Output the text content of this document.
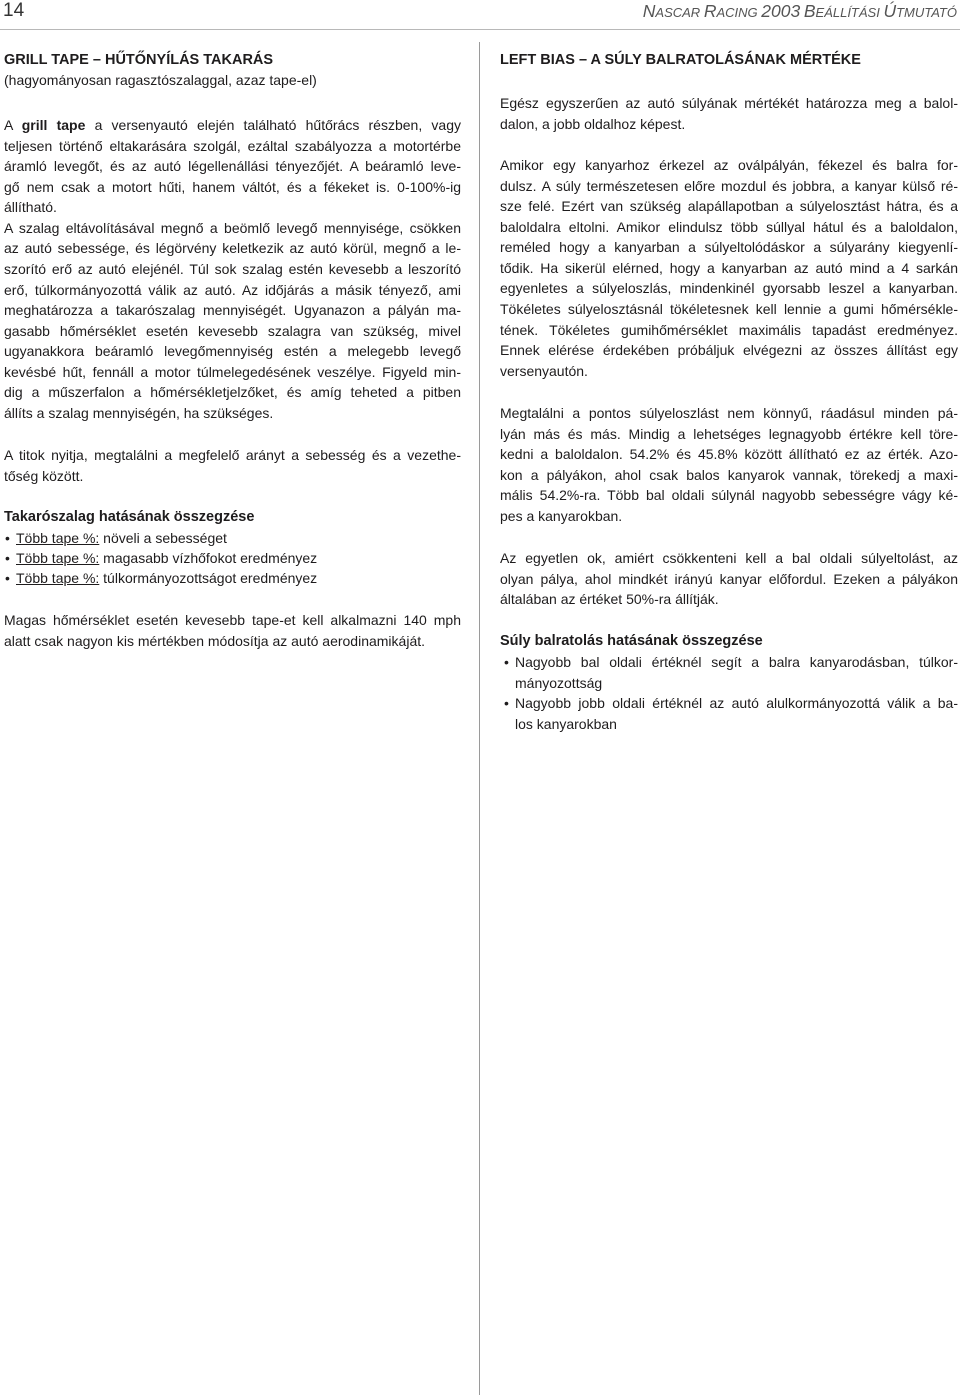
14	NASCAR RACING 2003 BEÁLLÍTÁSI ÚTMUTATÓ
GRILL TAPE – HŰTŐNYÍLÁS TAKARÁS
(hagyományosan ragasztószalaggal, azaz tape-el)
A grill tape a versenyautó elején található hűtőrács részben, vagy
teljesen történő eltakarására szolgál, ezáltal szabályozza a motortérbe
áramló levegőt, és az autó légellenállási tényezőjét. A beáramló leve-
gő nem csak a motort hűti, hanem váltót, és a fékeket is. 0-100%-ig
állítható.
A szalag eltávolításával megnő a beömlő levegő mennyisége, csökken
az autó sebessége, és légörvény keletkezik az autó körül, megnő a le-
szorító erő az autó elejénél. Túl sok szalag estén kevesebb a leszorító
erő, túlkormányozottá válik az autó. Az időjárás a másik tényező, ami
meghatározza a takarószalag mennyiségét. Ugyanazon a pályán ma-
gasabb hőmérséklet esetén kevesebb szalagra van szükség, mivel
ugyanakkora beáramló levegőmennyiség estén a melegebb levegő
kevésbé hűt, fennáll a motor túlmelegedésének veszélye. Figyeld min-
dig a műszerfalon a hőmérsékletjelzőket, és amíg teheted a pitben
állíts a szalag mennyiségén, ha szükséges.
A titok nyitja, megtalálni a megfelelő arányt a sebesség és a vezethe-
tőség között.
Takarószalag hatásának összegzése
•
Több tape %: növeli a sebességet
•
Több tape %: magasabb vízhőfokot eredményez
•
Több tape %: túlkormányozottságot eredményez
Magas hőmérséklet esetén kevesebb tape-et kell alkalmazni 140 mph
alatt csak nagyon kis mértékben módosítja az autó aerodinamikáját.
LEFT BIAS – A SÚLY BALRATOLÁSÁNAK MÉRTÉKE
Egész egyszerűen az autó súlyának mértékét határozza meg a balol-
dalon, a jobb oldalhoz képest.
Amikor egy kanyarhoz érkezel az oválpályán, fékezel és balra for-
dulsz. A súly természetesen előre mozdul és jobbra, a kanyar külső ré-
sze felé. Ezért van szükség alapállapotban a súlyelosztást hátra, és a
baloldalra eltolni. Amikor elindulsz több súllyal hátul és a baloldalon,
reméled hogy a kanyarban a súlyeltolódáskor a súlyarány kiegyenlí-
tődik. Ha sikerül elérned, hogy a kanyarban az autó mind a 4 sarkán
egyenletes a súlyeloszlás, mindenkinél gyorsabb leszel a kanyarban.
Tökéletes súlyelosztásnál tökéletesnek kell lennie a gumi hőmérsékle-
tének. Tökéletes gumihőmérséklet maximális tapadást eredményez.
Ennek elérése érdekében próbáljuk elvégezni az összes állítást egy
versenyautón.
Megtalálni a pontos súlyeloszlást nem könnyű, ráadásul minden pá-
lyán más és más. Mindig a lehetséges legnagyobb értékre kell töre-
kedni a baloldalon. 54.2% és 45.8% között állítható ez az érték. Azo-
kon a pályákon, ahol csak balos kanyarok vannak, törekedj a maxi-
mális 54.2%-ra. Több bal oldali súlynál nagyobb sebességre vágy ké-
pes a kanyarokban.
Az egyetlen ok, amiért csökkenteni kell a bal oldali súlyeltolást, az
olyan pálya, ahol mindkét irányú kanyar előfordul. Ezeken a pályákon
általában az értéket 50%-ra állítják.
Súly balratolás hatásának összegzése
•
Nagyobb bal oldali értéknél segít a balra kanyarodásban, túlkor-
mányozottság
•
Nagyobb jobb oldali értéknél az autó alulkormányozottá válik a ba-
los kanyarokban
